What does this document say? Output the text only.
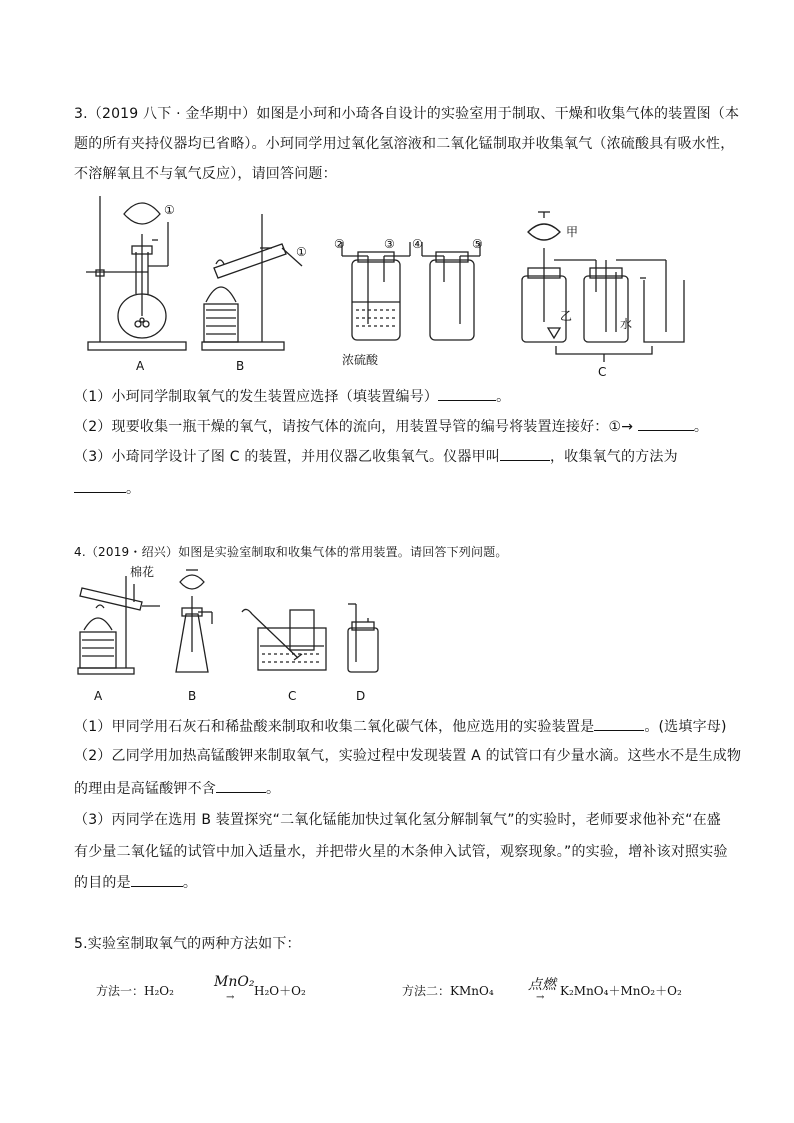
3.（2019 八下 · 金华期中）如图是小珂和小琦各自设计的实验室用于制取、干燥和收集气体的装置图（本
题的所有夹持仪器均已省略）。小珂同学用过氧化氢溶液和二氧化锰制取并收集氧气（浓硫酸具有吸水性，
不溶解氧且不与氧气反应），请回答问题：
A	B	C
①
①
②	③ ④	⑤
浓硫酸
甲
乙
水
（1）小珂同学制取氧气的发生装置应选择（填装置编号）	。
（2）现要收集一瓶干燥的氧气，请按气体的流向，用装置导管的编号将装置连接好：①→	。
（3）小琦同学设计了图 C 的装置，并用仪器乙收集氧气。仪器甲叫	，收集氧气的方法为
。
4.（2019・绍兴）如图是实验室制取和收集气体的常用装置。请回答下列问题。
棉花
A	B	C	D
（1）甲同学用石灰石和稀盐酸来制取和收集二氧化碳气体，他应选用的实验装置是	。(选填字母)
（2）乙同学用加热高锰酸钾来制取氧气，实验过程中发现装置 A 的试管口有少量水滴。这些水不是生成物
的理由是高锰酸钾不含	。
（3）丙同学在选用 B 装置探究“二氧化锰能加快过氧化氢分解制氧气”的实验时，老师要求他补充“在盛
有少量二氧化锰的试管中加入适量水，并把带火星的木条伸入试管，观察现象。”的实验，增补该对照实验
的目的是	。
5.实验室制取氧气的两种方法如下：
方法一：H₂O₂
MnO₂
→ H₂O＋O₂	方法二：KMnO₄ 点燃
→ K₂MnO₄＋MnO₂＋O₂
